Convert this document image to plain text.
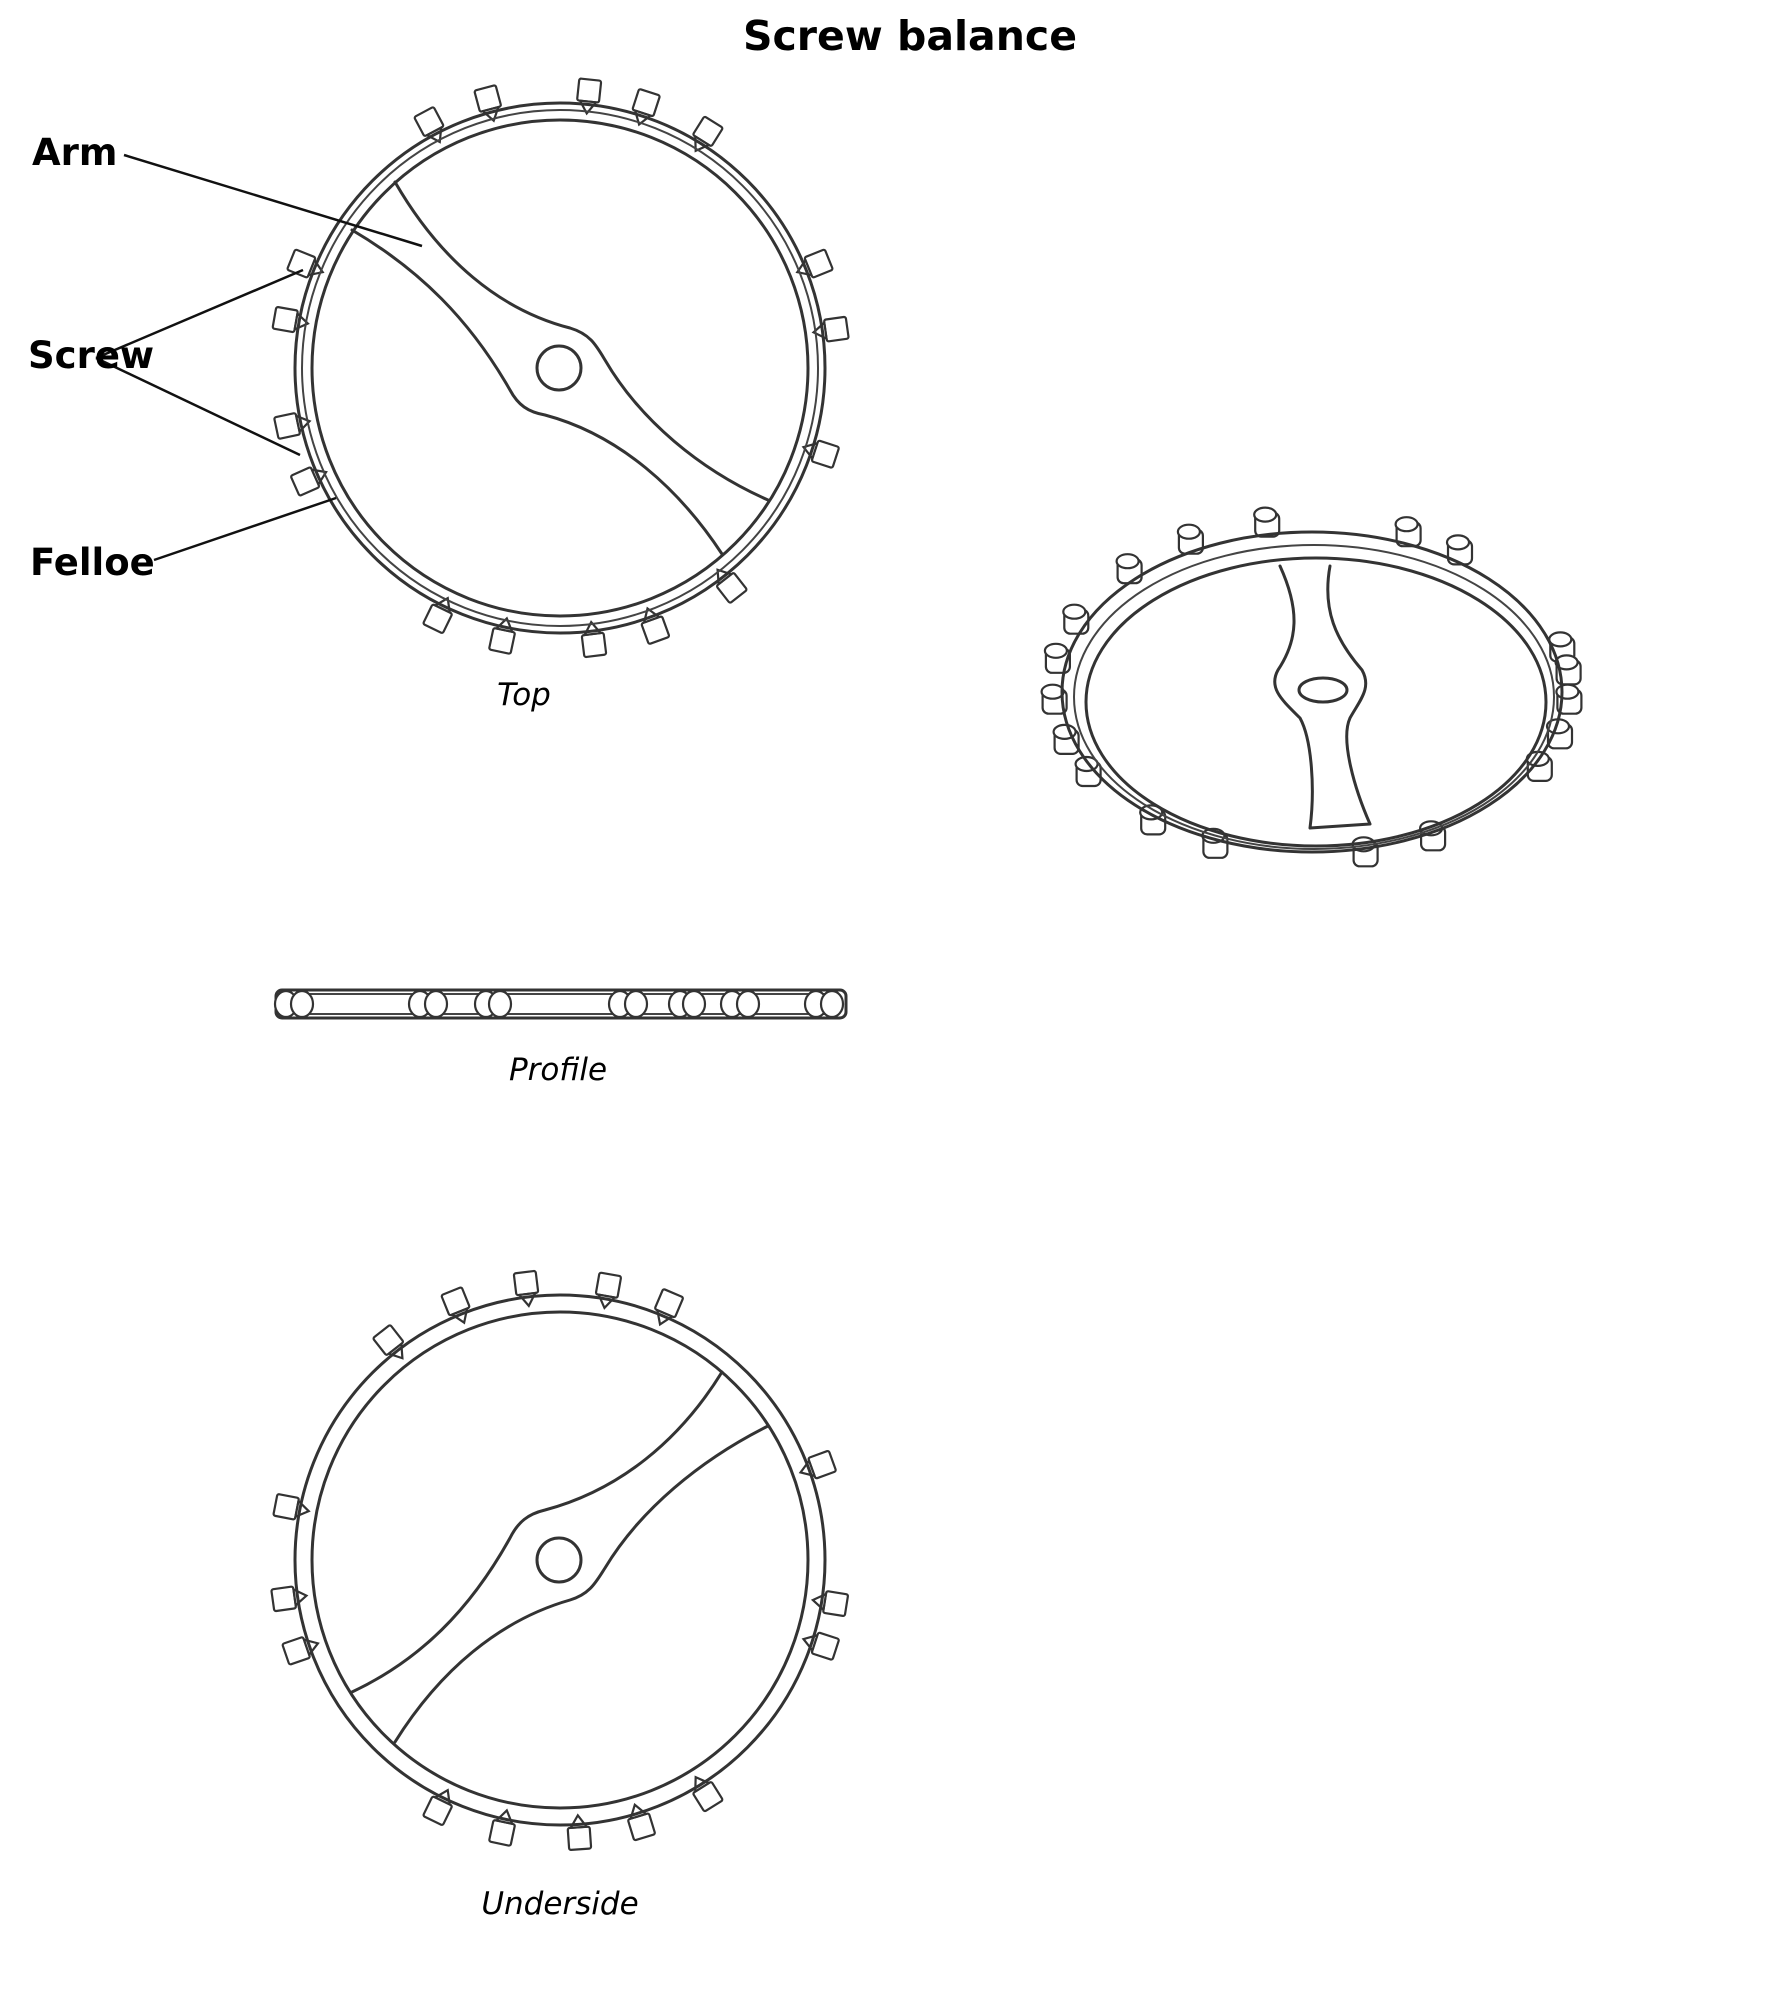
Screw balance
Arm
Screw
Felloe
Top
Profile
Underside
